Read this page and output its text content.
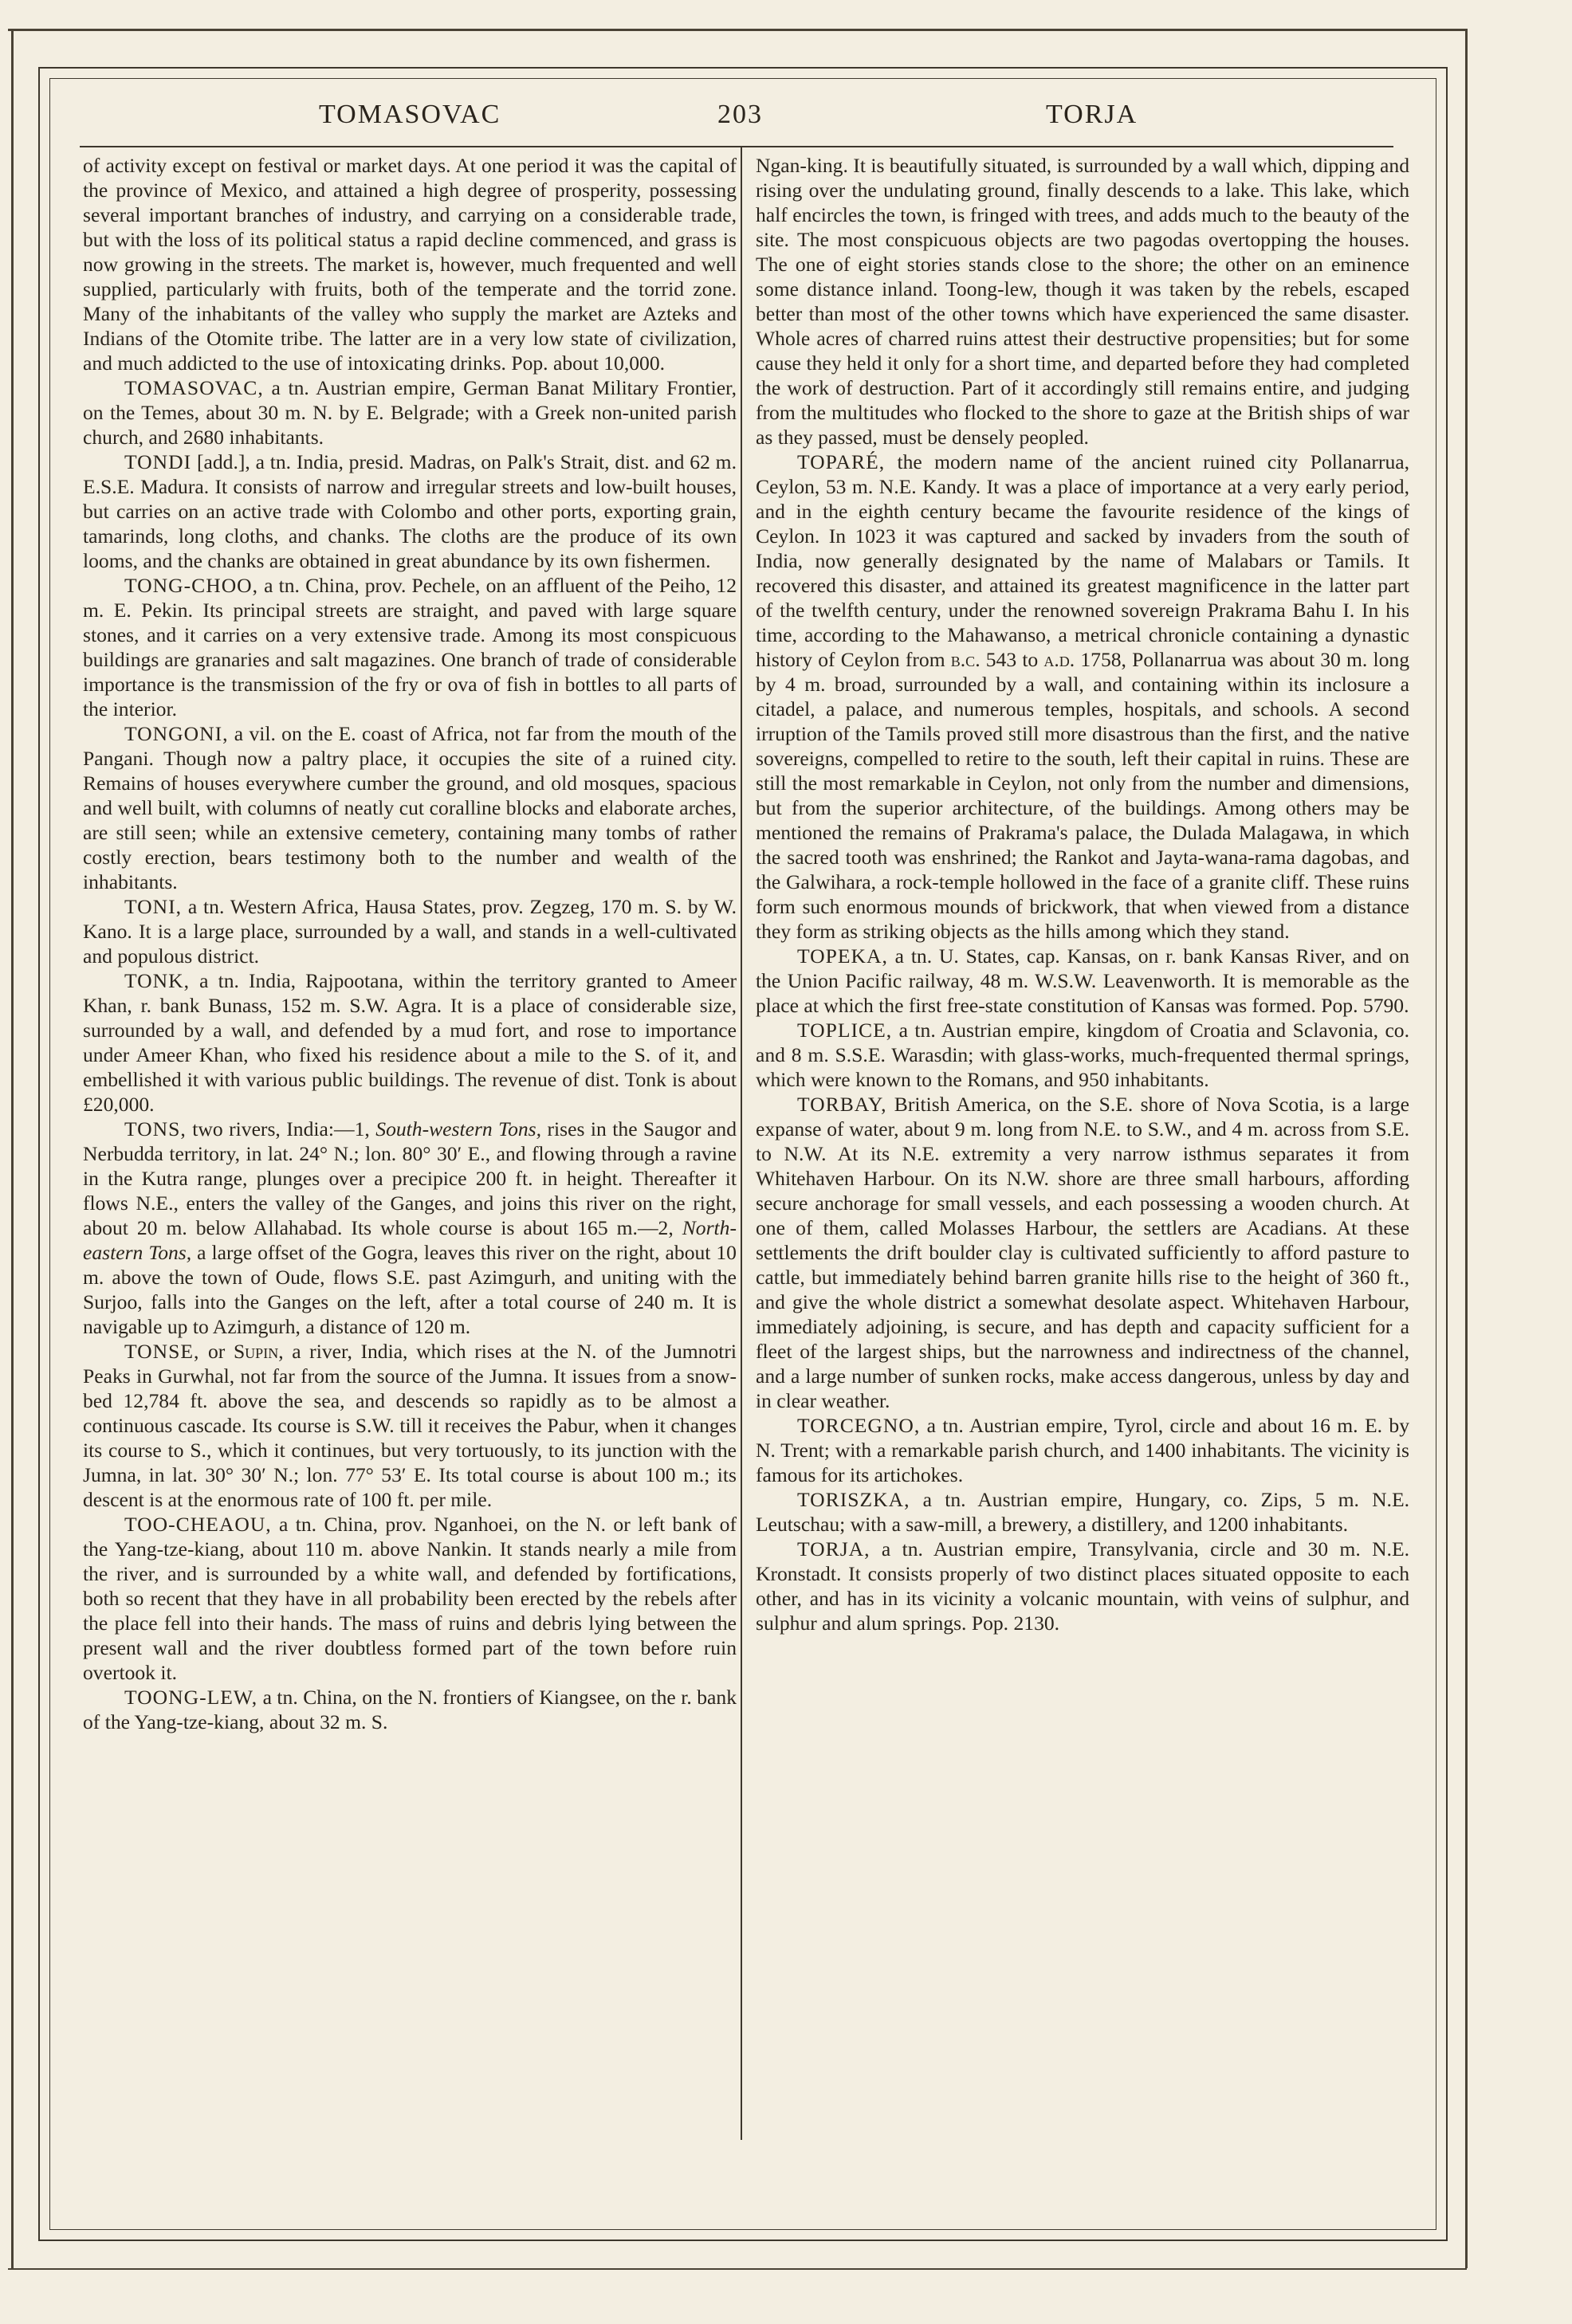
TOMASOVAC	203	TORJA

of activity except on festival or market days. At one period it was the capital of the province of Mexico, and attained a high degree of prosperity, possessing several important branches of industry, and carrying on a considerable trade, but with the loss of its political status a rapid decline commenced, and grass is now growing in the streets. The market is, however, much frequented and well supplied, particularly with fruits, both of the temperate and the torrid zone. Many of the inhabitants of the valley who supply the market are Azteks and Indians of the Otomite tribe. The latter are in a very low state of civilization, and much addicted to the use of intoxicating drinks. Pop. about 10,000.

TOMASOVAC, a tn. Austrian empire, German Banat Military Frontier, on the Temes, about 30 m. N. by E. Belgrade; with a Greek non-united parish church, and 2680 inhabitants.

TONDI [add.], a tn. India, presid. Madras, on Palk's Strait, dist. and 62 m. E.S.E. Madura. It consists of narrow and irregular streets and low-built houses, but carries on an active trade with Colombo and other ports, exporting grain, tamarinds, long cloths, and chanks. The cloths are the produce of its own looms, and the chanks are obtained in great abundance by its own fishermen.

TONG-CHOO, a tn. China, prov. Pechele, on an affluent of the Peiho, 12 m. E. Pekin. Its principal streets are straight, and paved with large square stones, and it carries on a very extensive trade. Among its most conspicuous buildings are granaries and salt magazines. One branch of trade of considerable importance is the transmission of the fry or ova of fish in bottles to all parts of the interior.

TONGONI, a vil. on the E. coast of Africa, not far from the mouth of the Pangani. Though now a paltry place, it occupies the site of a ruined city. Remains of houses everywhere cumber the ground, and old mosques, spacious and well built, with columns of neatly cut coralline blocks and elaborate arches, are still seen; while an extensive cemetery, containing many tombs of rather costly erection, bears testimony both to the number and wealth of the inhabitants.

TONI, a tn. Western Africa, Hausa States, prov. Zegzeg, 170 m. S. by W. Kano. It is a large place, surrounded by a wall, and stands in a well-cultivated and populous district.

TONK, a tn. India, Rajpootana, within the territory granted to Ameer Khan, r. bank Bunass, 152 m. S.W. Agra. It is a place of considerable size, surrounded by a wall, and defended by a mud fort, and rose to importance under Ameer Khan, who fixed his residence about a mile to the S. of it, and embellished it with various public buildings. The revenue of dist. Tonk is about £20,000.

TONS, two rivers, India:—1, South-western Tons, rises in the Saugor and Nerbudda territory, in lat. 24° N.; lon. 80° 30′ E., and flowing through a ravine in the Kutra range, plunges over a precipice 200 ft. in height. Thereafter it flows N.E., enters the valley of the Ganges, and joins this river on the right, about 20 m. below Allahabad. Its whole course is about 165 m.—2, North-eastern Tons, a large offset of the Gogra, leaves this river on the right, about 10 m. above the town of Oude, flows S.E. past Azimgurh, and uniting with the Surjoo, falls into the Ganges on the left, after a total course of 240 m. It is navigable up to Azimgurh, a distance of 120 m.

TONSE, or Supin, a river, India, which rises at the N. of the Jumnotri Peaks in Gurwhal, not far from the source of the Jumna. It issues from a snow-bed 12,784 ft. above the sea, and descends so rapidly as to be almost a continuous cascade. Its course is S.W. till it receives the Pabur, when it changes its course to S., which it continues, but very tortuously, to its junction with the Jumna, in lat. 30° 30′ N.; lon. 77° 53′ E. Its total course is about 100 m.; its descent is at the enormous rate of 100 ft. per mile.

TOO-CHEAOU, a tn. China, prov. Nganhoei, on the N. or left bank of the Yang-tze-kiang, about 110 m. above Nankin. It stands nearly a mile from the river, and is surrounded by a white wall, and defended by fortifications, both so recent that they have in all probability been erected by the rebels after the place fell into their hands. The mass of ruins and debris lying between the present wall and the river doubtless formed part of the town before ruin overtook it.

TOONG-LEW, a tn. China, on the N. frontiers of Kiangsee, on the r. bank of the Yang-tze-kiang, about 32 m. S.

Ngan-king. It is beautifully situated, is surrounded by a wall which, dipping and rising over the undulating ground, finally descends to a lake. This lake, which half encircles the town, is fringed with trees, and adds much to the beauty of the site. The most conspicuous objects are two pagodas overtopping the houses. The one of eight stories stands close to the shore; the other on an eminence some distance inland. Toong-lew, though it was taken by the rebels, escaped better than most of the other towns which have experienced the same disaster. Whole acres of charred ruins attest their destructive propensities; but for some cause they held it only for a short time, and departed before they had completed the work of destruction. Part of it accordingly still remains entire, and judging from the multitudes who flocked to the shore to gaze at the British ships of war as they passed, must be densely peopled.

TOPARÉ, the modern name of the ancient ruined city Pollanarrua, Ceylon, 53 m. N.E. Kandy. It was a place of importance at a very early period, and in the eighth century became the favourite residence of the kings of Ceylon. In 1023 it was captured and sacked by invaders from the south of India, now generally designated by the name of Malabars or Tamils. It recovered this disaster, and attained its greatest magnificence in the latter part of the twelfth century, under the renowned sovereign Prakrama Bahu I. In his time, according to the Mahawanso, a metrical chronicle containing a dynastic history of Ceylon from b.c. 543 to a.d. 1758, Pollanarrua was about 30 m. long by 4 m. broad, surrounded by a wall, and containing within its inclosure a citadel, a palace, and numerous temples, hospitals, and schools. A second irruption of the Tamils proved still more disastrous than the first, and the native sovereigns, compelled to retire to the south, left their capital in ruins. These are still the most remarkable in Ceylon, not only from the number and dimensions, but from the superior architecture, of the buildings. Among others may be mentioned the remains of Prakrama's palace, the Dulada Malagawa, in which the sacred tooth was enshrined; the Rankot and Jayta-wana-rama dagobas, and the Galwihara, a rock-temple hollowed in the face of a granite cliff. These ruins form such enormous mounds of brickwork, that when viewed from a distance they form as striking objects as the hills among which they stand.

TOPEKA, a tn. U. States, cap. Kansas, on r. bank Kansas River, and on the Union Pacific railway, 48 m. W.S.W. Leavenworth. It is memorable as the place at which the first free-state constitution of Kansas was formed. Pop. 5790.

TOPLICE, a tn. Austrian empire, kingdom of Croatia and Sclavonia, co. and 8 m. S.S.E. Warasdin; with glass-works, much-frequented thermal springs, which were known to the Romans, and 950 inhabitants.

TORBAY, British America, on the S.E. shore of Nova Scotia, is a large expanse of water, about 9 m. long from N.E. to S.W., and 4 m. across from S.E. to N.W. At its N.E. extremity a very narrow isthmus separates it from Whitehaven Harbour. On its N.W. shore are three small harbours, affording secure anchorage for small vessels, and each possessing a wooden church. At one of them, called Molasses Harbour, the settlers are Acadians. At these settlements the drift boulder clay is cultivated sufficiently to afford pasture to cattle, but immediately behind barren granite hills rise to the height of 360 ft., and give the whole district a somewhat desolate aspect. Whitehaven Harbour, immediately adjoining, is secure, and has depth and capacity sufficient for a fleet of the largest ships, but the narrowness and indirectness of the channel, and a large number of sunken rocks, make access dangerous, unless by day and in clear weather.

TORCEGNO, a tn. Austrian empire, Tyrol, circle and about 16 m. E. by N. Trent; with a remarkable parish church, and 1400 inhabitants. The vicinity is famous for its artichokes.

TORISZKA, a tn. Austrian empire, Hungary, co. Zips, 5 m. N.E. Leutschau; with a saw-mill, a brewery, a distillery, and 1200 inhabitants.

TORJA, a tn. Austrian empire, Transylvania, circle and 30 m. N.E. Kronstadt. It consists properly of two distinct places situated opposite to each other, and has in its vicinity a volcanic mountain, with veins of sulphur, and sulphur and alum springs. Pop. 2130.
